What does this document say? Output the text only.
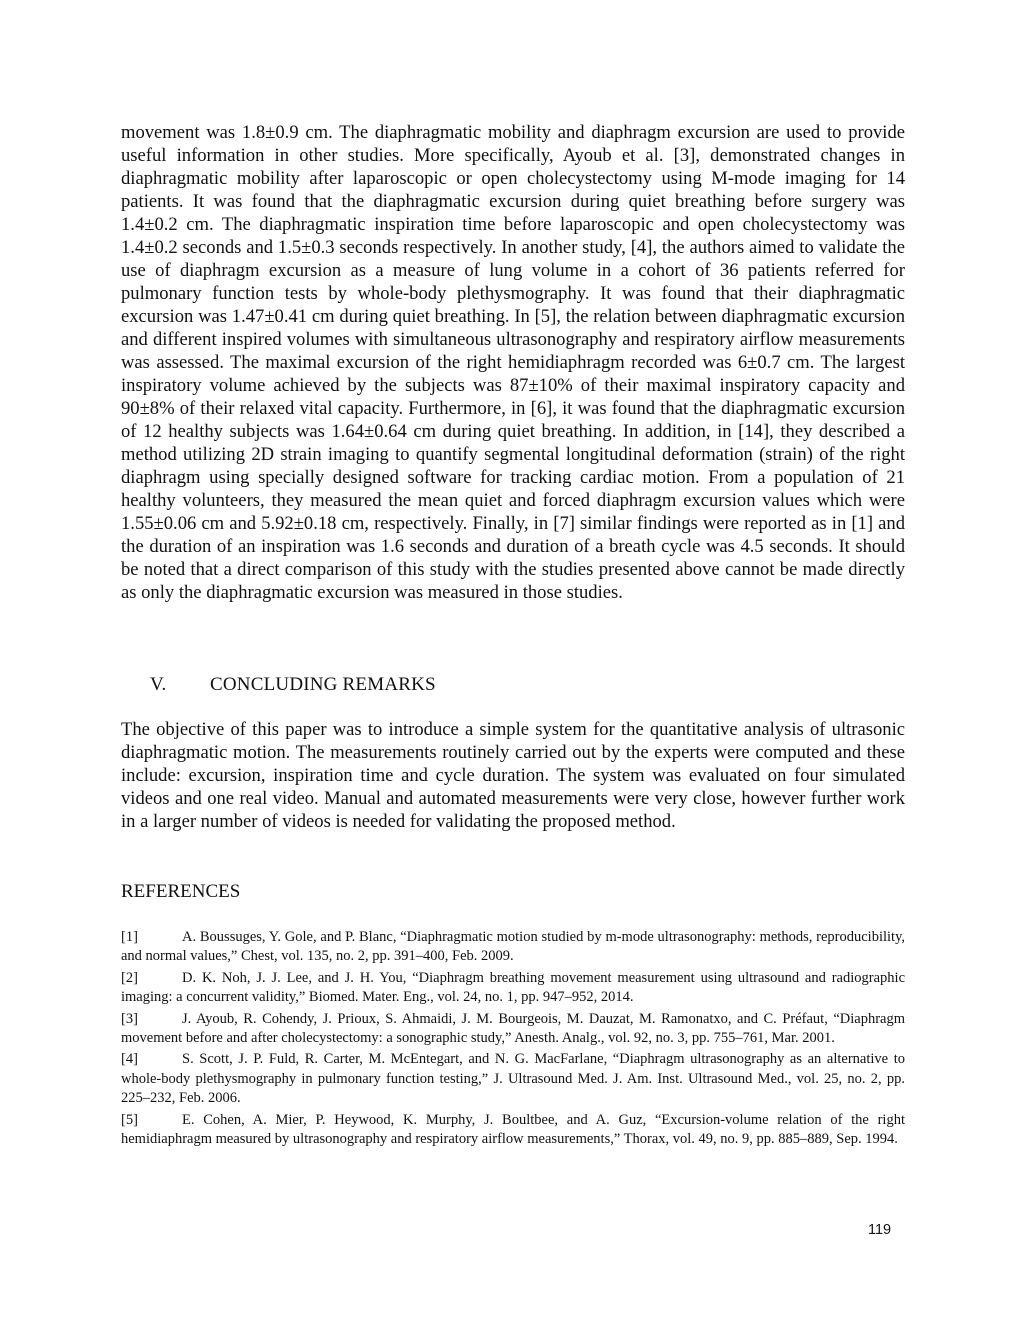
movement was 1.8±0.9 cm. The diaphragmatic mobility and diaphragm excursion are used to provide useful information in other studies. More specifically, Ayoub et al. [3], demonstrated changes in diaphragmatic mobility after laparoscopic or open cholecystectomy using M-mode imaging for 14 patients. It was found that the diaphragmatic excursion during quiet breathing before surgery was 1.4±0.2 cm. The diaphragmatic inspiration time before laparoscopic and open cholecystectomy was 1.4±0.2 seconds and 1.5±0.3 seconds respectively. In another study, [4], the authors aimed to validate the use of diaphragm excursion as a measure of lung volume in a cohort of 36 patients referred for pulmonary function tests by whole-body plethysmography. It was found that their diaphragmatic excursion was 1.47±0.41 cm during quiet breathing. In [5], the relation between diaphragmatic excursion and different inspired volumes with simultaneous ultrasonography and respiratory airflow measurements was assessed. The maximal excursion of the right hemidiaphragm recorded was 6±0.7 cm. The largest inspiratory volume achieved by the subjects was 87±10% of their maximal inspiratory capacity and 90±8% of their relaxed vital capacity. Furthermore, in [6], it was found that the diaphragmatic excursion of 12 healthy subjects was 1.64±0.64 cm during quiet breathing. In addition, in [14], they described a method utilizing 2D strain imaging to quantify segmental longitudinal deformation (strain) of the right diaphragm using specially designed software for tracking cardiac motion. From a population of 21 healthy volunteers, they measured the mean quiet and forced diaphragm excursion values which were 1.55±0.06 cm and 5.92±0.18 cm, respectively. Finally, in [7] similar findings were reported as in [1] and the duration of an inspiration was 1.6 seconds and duration of a breath cycle was 4.5 seconds. It should be noted that a direct comparison of this study with the studies presented above cannot be made directly as only the diaphragmatic excursion was measured in those studies.

V. CONCLUDING REMARKS

The objective of this paper was to introduce a simple system for the quantitative analysis of ultrasonic diaphragmatic motion. The measurements routinely carried out by the experts were computed and these include: excursion, inspiration time and cycle duration. The system was evaluated on four simulated videos and one real video. Manual and automated measurements were very close, however further work in a larger number of videos is needed for validating the proposed method.

REFERENCES
[1]	A. Boussuges, Y. Gole, and P. Blanc, “Diaphragmatic motion studied by m-mode ultrasonography: methods, reproducibility, and normal values,” Chest, vol. 135, no. 2, pp. 391–400, Feb. 2009.
[2]	D. K. Noh, J. J. Lee, and J. H. You, “Diaphragm breathing movement measurement using ultrasound and radiographic imaging: a concurrent validity,” Biomed. Mater. Eng., vol. 24, no. 1, pp. 947–952, 2014.
[3]	J. Ayoub, R. Cohendy, J. Prioux, S. Ahmaidi, J. M. Bourgeois, M. Dauzat, M. Ramonatxo, and C. Préfaut, “Diaphragm movement before and after cholecystectomy: a sonographic study,” Anesth. Analg., vol. 92, no. 3, pp. 755–761, Mar. 2001.
[4]	S. Scott, J. P. Fuld, R. Carter, M. McEntegart, and N. G. MacFarlane, “Diaphragm ultrasonography as an alternative to whole-body plethysmography in pulmonary function testing,” J. Ultrasound Med. J. Am. Inst. Ultrasound Med., vol. 25, no. 2, pp. 225–232, Feb. 2006.
[5]	E. Cohen, A. Mier, P. Heywood, K. Murphy, J. Boultbee, and A. Guz, “Excursion-volume relation of the right hemidiaphragm measured by ultrasonography and respiratory airflow measurements,” Thorax, vol. 49, no. 9, pp. 885–889, Sep. 1994.
119
